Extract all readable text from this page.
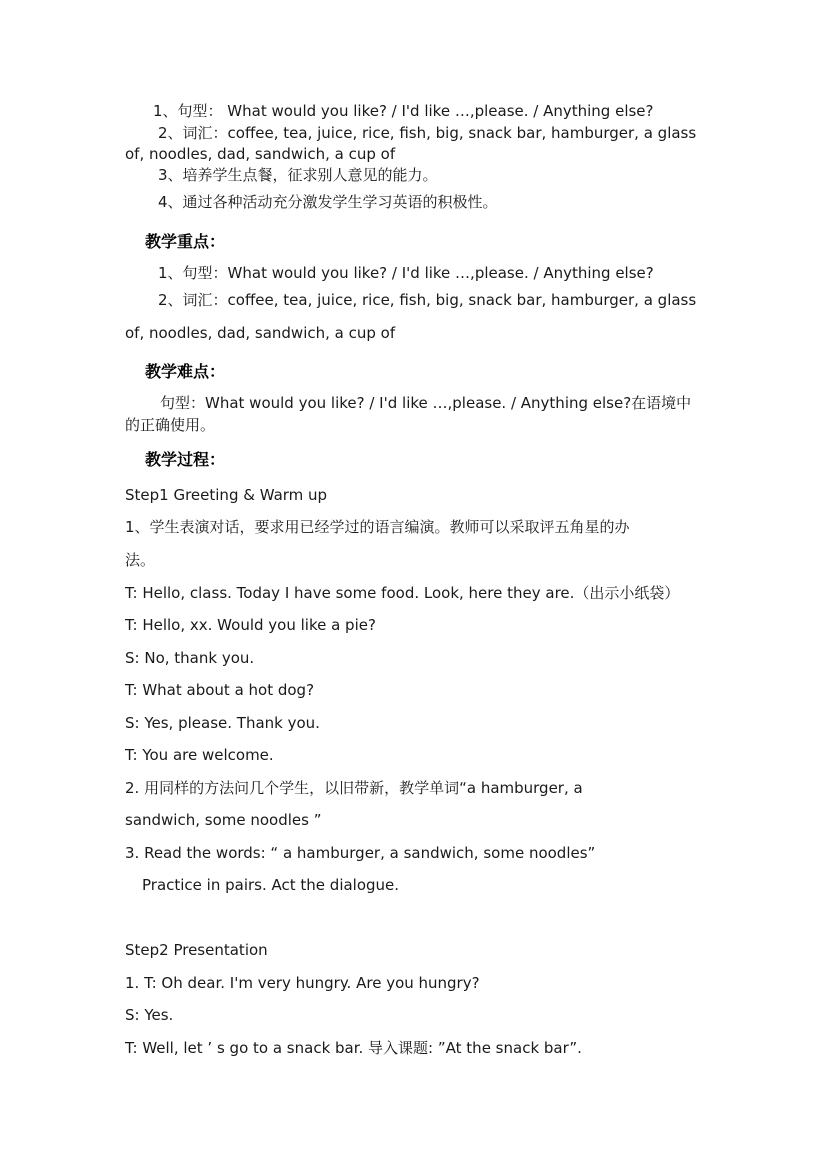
1、句型： What would you like? / I'd like …,please. / Anything else?
2、词汇：coffee, tea, juice, rice, fish, big, snack bar, hamburger, a glass
of, noodles, dad, sandwich, a cup of
3、培养学生点餐，征求别人意见的能力。
4、通过各种活动充分激发学生学习英语的积极性。
教学重点：
1、句型：What would you like? / I'd like …,please. / Anything else?
2、词汇：coffee, tea, juice, rice, fish, big, snack bar, hamburger, a glass
of, noodles, dad, sandwich, a cup of
教学难点：
句型：What would you like? / I'd like …,please. / Anything else?在语境中
的正确使用。
教学过程：
Step1 Greeting & Warm up
1、学生表演对话，要求用已经学过的语言编演。教师可以采取评五角星的办
法。
T: Hello, class. Today I have some food. Look, here they are.（出示小纸袋）
T: Hello, xx. Would you like a pie?
S: No, thank you.
T: What about a hot dog?
S: Yes, please. Thank you.
T: You are welcome.
2. 用同样的方法问几个学生，以旧带新，教学单词“a hamburger, a
sandwich, some noodles ”
3. Read the words: “ a hamburger, a sandwich, some noodles”
Practice in pairs. Act the dialogue.
Step2 Presentation
1. T: Oh dear. I'm very hungry. Are you hungry?
S: Yes.
T: Well, let ’ s go to a snack bar. 导入课题: ”At the snack bar”.
